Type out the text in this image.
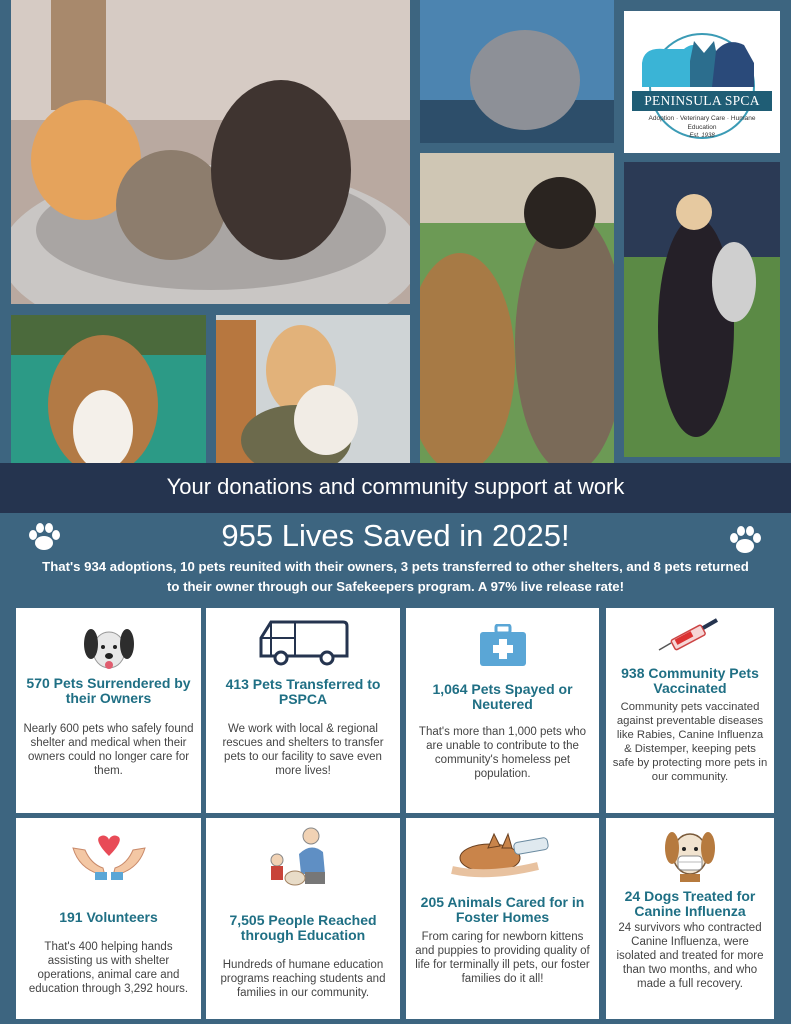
PENINSULA SPCA
Adoption · Veterinary Care · Humane Education
Est. 1938
Your donations and community support at work
955 Lives Saved in 2025!
That's 934 adoptions, 10 pets reunited with their owners, 3 pets transferred to other shelters, and 8 pets returned to their owner through our Safekeepers program. A 97% live release rate!
570 Pets Surrendered by their Owners
Nearly 600 pets who safely found shelter and medical when their owners could no longer care for them.
413 Pets Transferred to PSPCA
We work with local & regional rescues and shelters to transfer pets to our facility to save even more lives!
1,064 Pets Spayed or Neutered
That's more than 1,000 pets who are unable to contribute to the community's homeless pet population.
938 Community Pets Vaccinated
Community pets vaccinated against preventable diseases like Rabies, Canine Influenza & Distemper, keeping pets safe by protecting more pets in our community.
191 Volunteers
That's 400 helping hands assisting us with shelter operations, animal care and education through 3,292 hours.
7,505 People Reached through Education
Hundreds of humane education programs reaching students and families in our community.
205 Animals Cared for in Foster Homes
From caring for newborn kittens and puppies to providing quality of life for terminally ill pets, our foster families do it all!
24 Dogs Treated for Canine Influenza
24 survivors who contracted Canine Influenza, were isolated and treated for more than two months, and who made a full recovery.
